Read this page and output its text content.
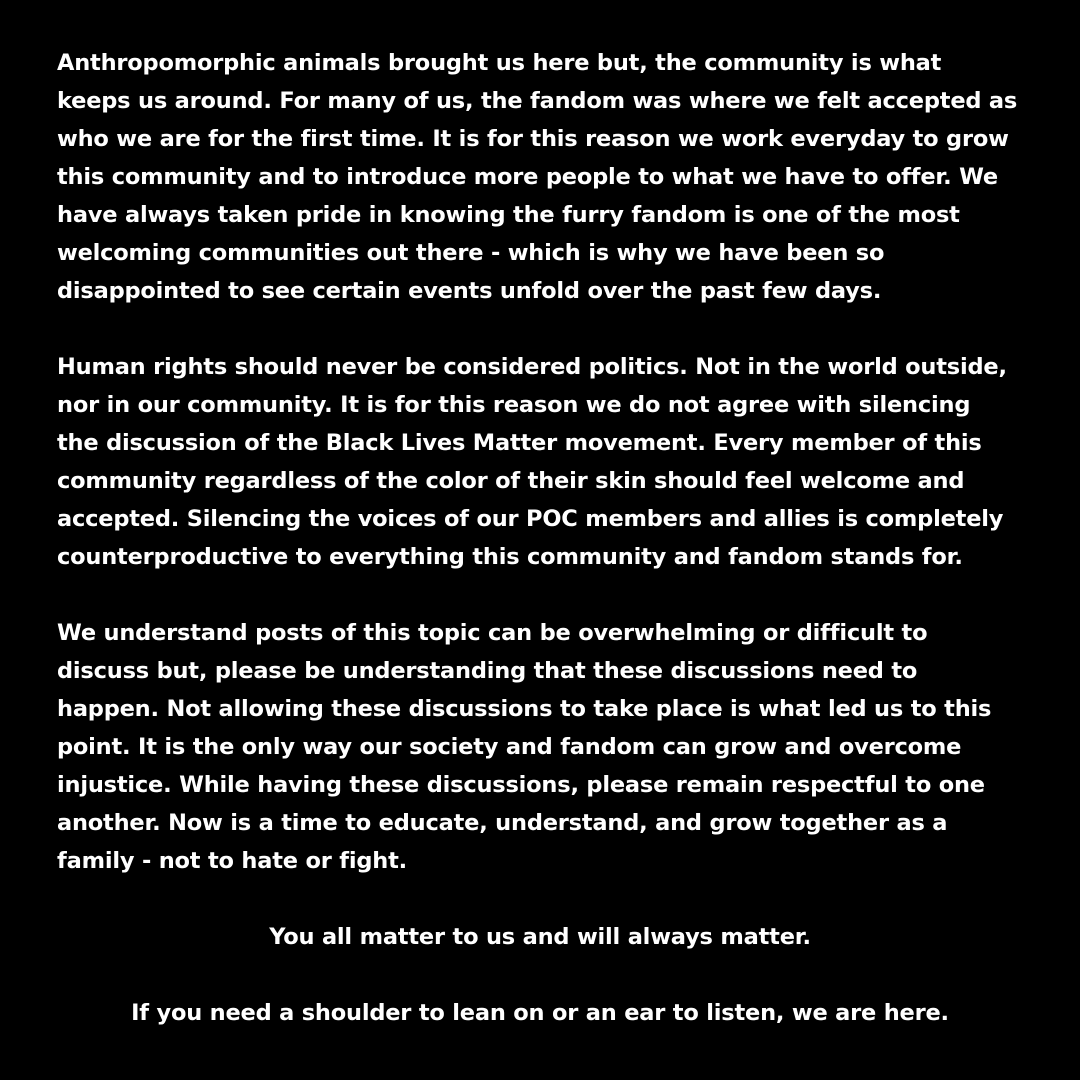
Anthropomorphic animals brought us here but, the community is what
keeps us around. For many of us, the fandom was where we felt accepted as
who we are for the first time. It is for this reason we work everyday to grow
this community and to introduce more people to what we have to offer. We
have always taken pride in knowing the furry fandom is one of the most
welcoming communities out there - which is why we have been so
disappointed to see certain events unfold over the past few days.
Human rights should never be considered politics. Not in the world outside,
nor in our community. It is for this reason we do not agree with silencing
the discussion of the Black Lives Matter movement. Every member of this
community regardless of the color of their skin should feel welcome and
accepted. Silencing the voices of our POC members and allies is completely
counterproductive to everything this community and fandom stands for.
We understand posts of this topic can be overwhelming or difficult to
discuss but, please be understanding that these discussions need to
happen. Not allowing these discussions to take place is what led us to this
point. It is the only way our society and fandom can grow and overcome
injustice. While having these discussions, please remain respectful to one
another. Now is a time to educate, understand, and grow together as a
family - not to hate or fight.
You all matter to us and will always matter.
If you need a shoulder to lean on or an ear to listen, we are here.
